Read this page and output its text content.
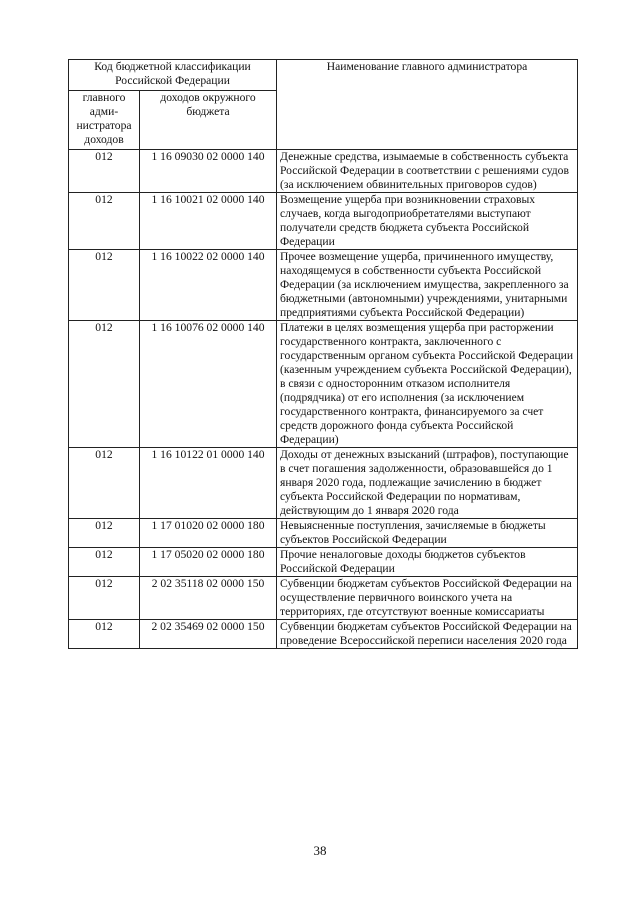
Код бюджетной классификации Российской Федерации		Наименование главного администратора
главного адми-нистратора доходов	доходов окружного бюджета	
012	1 16 09030 02 0000 140	Денежные средства, изымаемые в собственность субъекта Российской Федерации в соответствии с решениями судов (за исключением обвинительных приговоров судов)
012	1 16 10021 02 0000 140	Возмещение ущерба при возникновении страховых случаев, когда выгодоприобретателями выступают получатели средств бюджета субъекта Российской Федерации
012	1 16 10022 02 0000 140	Прочее возмещение ущерба, причиненного имуществу, находящемуся в собственности субъекта Российской Федерации (за исключением имущества, закрепленного за бюджетными (автономными) учреждениями, унитарными предприятиями субъекта Российской Федерации)
012	1 16 10076 02 0000 140	Платежи в целях возмещения ущерба при расторжении государственного контракта, заключенного с государственным органом субъекта Российской Федерации (казенным учреждением субъекта Российской Федерации), в связи с односторонним отказом исполнителя (подрядчика) от его исполнения (за исключением государственного контракта, финансируемого за счет средств дорожного фонда субъекта Российской Федерации)
012	1 16 10122 01 0000 140	Доходы от денежных взысканий (штрафов), поступающие в счет погашения задолженности, образовавшейся до 1 января 2020 года, подлежащие зачислению в бюджет субъекта Российской Федерации по нормативам, действующим до 1 января 2020 года
012	1 17 01020 02 0000 180	Невыясненные поступления, зачисляемые в бюджеты субъектов Российской Федерации
012	1 17 05020 02 0000 180	Прочие неналоговые доходы бюджетов субъектов Российской Федерации
012	2 02 35118 02 0000 150	Субвенции бюджетам субъектов Российской Федерации на осуществление первичного воинского учета на территориях, где отсутствуют военные комиссариаты
012	2 02 35469 02 0000 150	Субвенции бюджетам субъектов Российской Федерации на проведение Всероссийской переписи населения 2020 года
38
